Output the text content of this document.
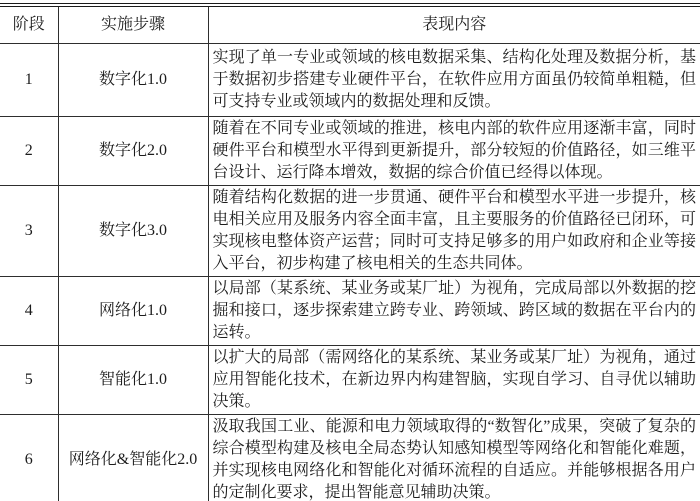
阶段	实施步骤	表现内容
1	数字化1.0	实现了单一专业或领域的核电数据采集、结构化处理及数据分析，基于数据初步搭建专业硬件平台，在软件应用方面虽仍较简单粗糙，但可支持专业或领域内的数据处理和反馈。
2	数字化2.0	随着在不同专业或领域的推进，核电内部的软件应用逐渐丰富，同时硬件平台和模型水平得到更新提升，部分较短的价值路径，如三维平台设计、运行降本增效，数据的综合价值已经得以体现。
3	数字化3.0	随着结构化数据的进一步贯通、硬件平台和模型水平进一步提升，核电相关应用及服务内容全面丰富，且主要服务的价值路径已闭环，可实现核电整体资产运营；同时可支持足够多的用户如政府和企业等接入平台，初步构建了核电相关的生态共同体。
4	网络化1.0	以局部（某系统、某业务或某厂址）为视角，完成局部以外数据的挖掘和接口，逐步探索建立跨专业、跨领域、跨区域的数据在平台内的运转。
5	智能化1.0	以扩大的局部（需网络化的某系统、某业务或某厂址）为视角，通过应用智能化技术，在新边界内构建智脑，实现自学习、自寻优以辅助决策。
6	网络化&智能化2.0	汲取我国工业、能源和电力领域取得的“数智化”成果，突破了复杂的综合模型构建及核电全局态势认知感知模型等网络化和智能化难题，并实现核电网络化和智能化对循环流程的自适应。并能够根据各用户的定制化要求，提出智能意见辅助决策。
